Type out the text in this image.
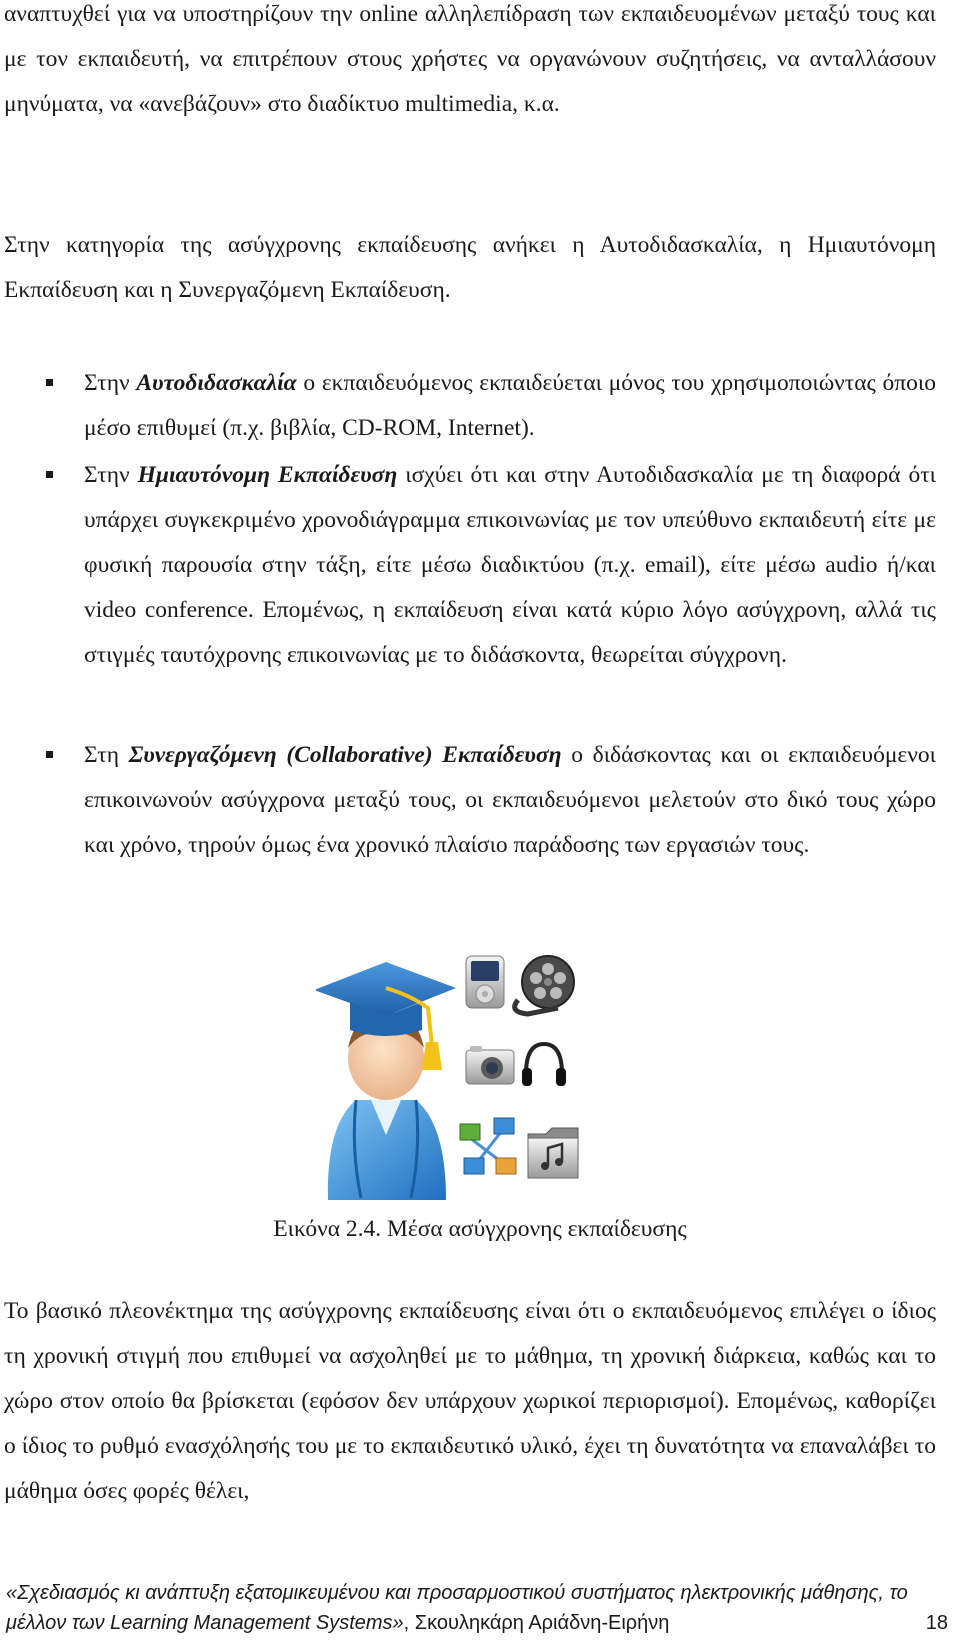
αναπτυχθεί για να υποστηρίζουν την online αλληλεπίδραση των εκπαιδευομένων μεταξύ τους και με τον εκπαιδευτή, να επιτρέπουν στους χρήστες να οργανώνουν συζητήσεις, να ανταλλάσουν μηνύματα, να «ανεβάζουν» στο διαδίκτυο multimedia, κ.α.

Στην κατηγορία της ασύγχρονης εκπαίδευσης ανήκει η Αυτοδιδασκαλία, η Ημιαυτόνομη Εκπαίδευση και η Συνεργαζόμενη Εκπαίδευση.

Στην Αυτοδιδασκαλία ο εκπαιδευόμενος εκπαιδεύεται μόνος του χρησιμοποιώντας όποιο μέσο επιθυμεί (π.χ. βιβλία, CD-ROM, Internet).

Στην Ημιαυτόνομη Εκπαίδευση ισχύει ότι και στην Αυτοδιδασκαλία με τη διαφορά ότι υπάρχει συγκεκριμένο χρονοδιάγραμμα επικοινωνίας με τον υπεύθυνο εκπαιδευτή είτε με φυσική παρουσία στην τάξη, είτε μέσω διαδικτύου (π.χ. email), είτε μέσω audio ή/και video conference. Επομένως, η εκπαίδευση είναι κατά κύριο λόγο ασύγχρονη, αλλά τις στιγμές ταυτόχρονης επικοινωνίας με το διδάσκοντα, θεωρείται σύγχρονη.

Στη Συνεργαζόμενη (Collaborative) Εκπαίδευση ο διδάσκοντας και οι εκπαιδευόμενοι επικοινωνούν ασύγχρονα μεταξύ τους, οι εκπαιδευόμενοι μελετούν στο δικό τους χώρο και χρόνο, τηρούν όμως ένα χρονικό πλαίσιο παράδοσης των εργασιών τους.

Εικόνα 2.4. Μέσα ασύγχρονης εκπαίδευσης

Το βασικό πλεονέκτημα της ασύγχρονης εκπαίδευσης είναι ότι ο εκπαιδευόμενος επιλέγει ο ίδιος τη χρονική στιγμή που επιθυμεί να ασχοληθεί με το μάθημα, τη χρονική διάρκεια, καθώς και το χώρο στον οποίο θα βρίσκεται (εφόσον δεν υπάρχουν χωρικοί περιορισμοί). Επομένως, καθορίζει ο ίδιος το ρυθμό ενασχόλησής του με το εκπαιδευτικό υλικό, έχει τη δυνατότητα να επαναλάβει το μάθημα όσες φορές θέλει,

«Σχεδιασμός κι ανάπτυξη εξατομικευμένου και προσαρμοστικού συστήματος ηλεκτρονικής μάθησης, το μέλλον των Learning Management Systems», Σκουληκάρη Αριάδνη-Ειρήνη	18
